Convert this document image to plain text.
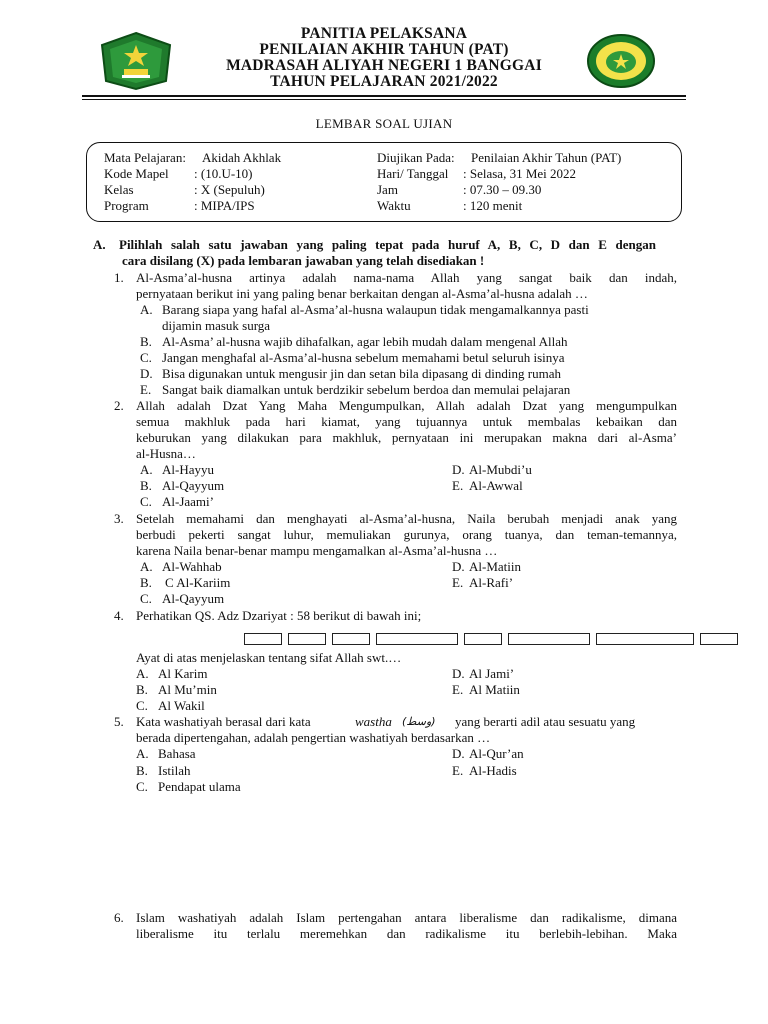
PANITIA PELAKSANA
PENILAIAN AKHIR TAHUN (PAT)
MADRASAH ALIYAH NEGERI 1 BANGGAI
TAHUN PELAJARAN 2021/2022
LEMBAR SOAL UJIAN
Mata Pelajaran: Akidah Akhlak
Kode Mapel : (10.U-10)
Kelas	: X (Sepuluh)
Program	: MIPA/IPS
Diujikan Pada: Penilaian Akhir Tahun (PAT)
Hari/ Tanggal : Selasa, 31 Mei 2022
Jam	: 07.30 – 09.30
Waktu	: 120 menit
A. Pilihlah salah satu jawaban yang paling tepat pada huruf A, B, C, D dan E dengan
cara disilang (X) pada lembaran jawaban yang telah disediakan !
1. Al-Asma’al-husna artinya adalah nama-nama Allah yang sangat baik dan indah,
pernyataan berikut ini yang paling benar berkaitan dengan al-Asma’al-husna adalah …
A. Barang siapa yang hafal al-Asma’al-husna walaupun tidak mengamalkannya pasti
dijamin masuk surga
B. Al-Asma’ al-husna wajib dihafalkan, agar lebih mudah dalam mengenal Allah
C. Jangan menghafal al-Asma’al-husna sebelum memahami betul seluruh isinya
D. Bisa digunakan untuk mengusir jin dan setan bila dipasang di dinding rumah
E. Sangat baik diamalkan untuk berdzikir sebelum berdoa dan memulai pelajaran
2. Allah adalah Dzat Yang Maha Mengumpulkan, Allah adalah Dzat yang mengumpulkan
semua makhluk pada hari kiamat, yang tujuannya untuk membalas kebaikan dan
keburukan yang dilakukan para makhluk, pernyataan ini merupakan makna dari al-Asma’
al-Husna…
A. Al-Hayyu	D. Al-Mubdi’u
B. Al-Qayyum	E. Al-Awwal
C. Al-Jaami’
3. Setelah memahami dan menghayati al-Asma’al-husna, Naila berubah menjadi anak yang
berbudi pekerti sangat luhur, memuliakan gurunya, orang tuanya, dan teman-temannya,
karena Naila benar-benar mampu mengamalkan al-Asma’al-husna …
A. Al-Wahhab	D. Al-Matiin
B. C Al-Kariim	E. Al-Rafi’
C. Al-Qayyum
4. Perhatikan QS. Adz Dzariyat : 58 berikut di bawah ini;
Ayat di atas menjelaskan tentang sifat Allah swt.…
A. Al Karim	D. Al Jami’
B. Al Mu’min	E. Al Matiin
C. Al Wakil
5. Kata washatiyah berasal dari kata	wastha (وسط) yang berarti adil atau sesuatu yang
berada dipertengahan, adalah pengertian washatiyah berdasarkan …
A. Bahasa	D. Al-Qur’an
B. Istilah	E. Al-Hadis
C. Pendapat ulama
6. Islam washatiyah adalah Islam pertengahan antara liberalisme dan radikalisme, dimana
liberalisme itu terlalu meremehkan dan radikalisme itu berlebih-lebihan. Maka
